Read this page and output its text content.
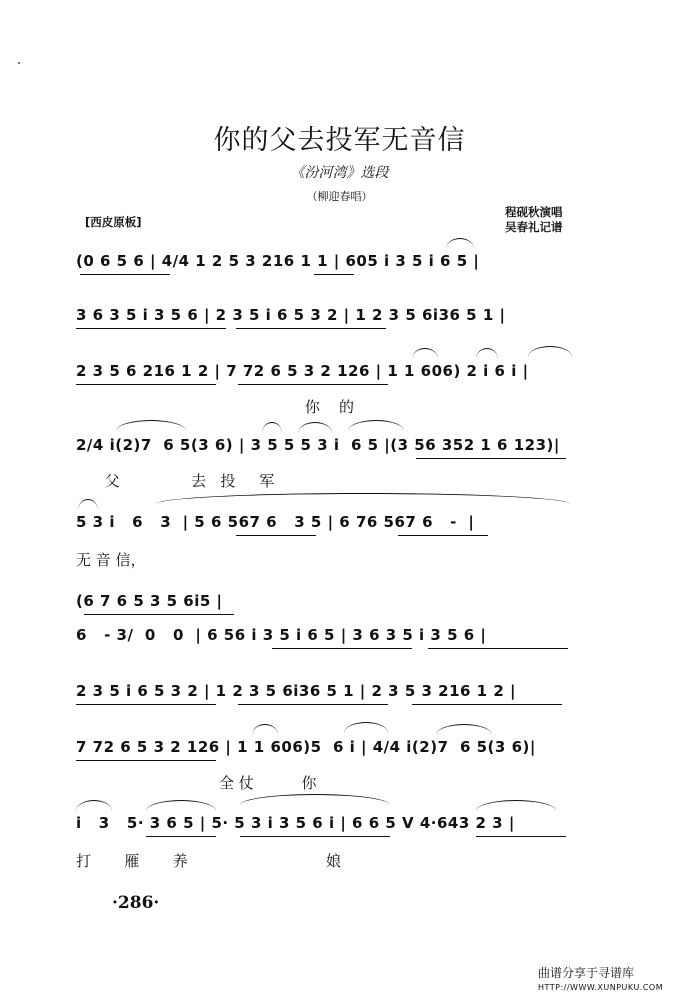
你的父去投军无音信
《汾河湾》选段
（柳迎春唱）
程砚秋演唱
吴春礼记谱
[西皮原板]
(0 6 5 6 | 4/4 1 2 5 3 216 1 1 | 605 i 3 5 i 6 5 |
3 6 3 5 i 3 5 6 | 2 3 5 i 6 5 3 2 | 1 2 3 5 6i36 5 1 |
2 3 5 6 216 1 2 | 7 72 6 5 3 2 126 | 1 1 606) 2 i 6 i |
你    的
2/4 i(2)7  6 5(3 6) | 3 5 5 5 3 i  6 5 |(3 56 352 1 6 123)|
父               去   投     军
5 3 i   6   3  | 5 6 567 6   3 5 | 6 76 567 6   -  |
无 音 信，
(6 7 6 5 3 5 6i5 |
6   - 3/  0   0  | 6 56 i 3 5 i 6 5 | 3 6 3 5 i 3 5 6 |
2 3 5 i 6 5 3 2 | 1 2 3 5 6i36 5 1 | 2 3 5 3 216 1 2 |
7 72 6 5 3 2 126 | 1 1 606)5  6 i | 4/4 i(2)7  6 5(3 6)|
全 仗          你
i   3   5· 3 6 5 | 5· 5 3 i 3 5 6 i | 6 6 5 V 4·643 2 3 |
打       雁       养                             娘
·286·
曲谱分享于寻谱库
HTTP://WWW.XUNPUKU.COM
